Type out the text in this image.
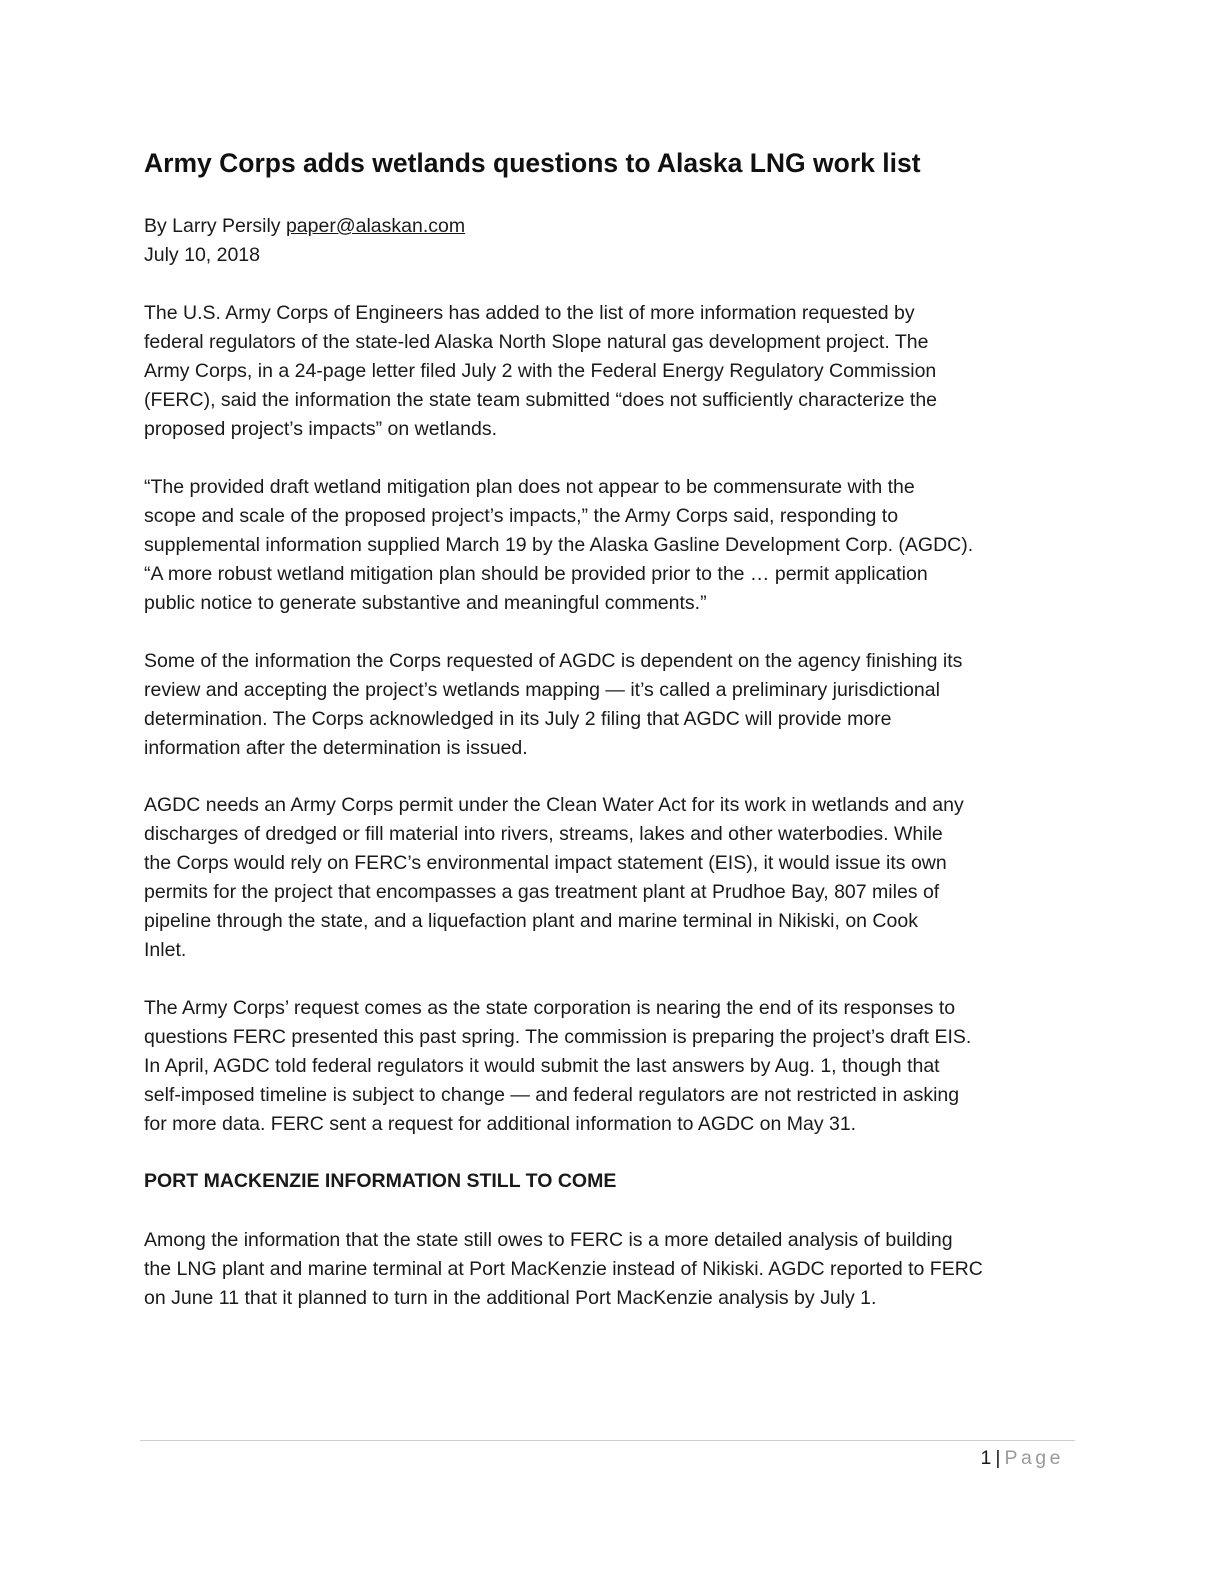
Army Corps adds wetlands questions to Alaska LNG work list
By Larry Persily paper@alaskan.com
July 10, 2018

The U.S. Army Corps of Engineers has added to the list of more information requested by
federal regulators of the state-led Alaska North Slope natural gas development project. The
Army Corps, in a 24-page letter filed July 2 with the Federal Energy Regulatory Commission
(FERC), said the information the state team submitted “does not sufficiently characterize the
proposed project’s impacts” on wetlands.

“The provided draft wetland mitigation plan does not appear to be commensurate with the
scope and scale of the proposed project’s impacts,” the Army Corps said, responding to
supplemental information supplied March 19 by the Alaska Gasline Development Corp. (AGDC).
“A more robust wetland mitigation plan should be provided prior to the … permit application
public notice to generate substantive and meaningful comments.”

Some of the information the Corps requested of AGDC is dependent on the agency finishing its
review and accepting the project’s wetlands mapping — it’s called a preliminary jurisdictional
determination. The Corps acknowledged in its July 2 filing that AGDC will provide more
information after the determination is issued.

AGDC needs an Army Corps permit under the Clean Water Act for its work in wetlands and any
discharges of dredged or fill material into rivers, streams, lakes and other waterbodies. While
the Corps would rely on FERC’s environmental impact statement (EIS), it would issue its own
permits for the project that encompasses a gas treatment plant at Prudhoe Bay, 807 miles of
pipeline through the state, and a liquefaction plant and marine terminal in Nikiski, on Cook
Inlet.

The Army Corps’ request comes as the state corporation is nearing the end of its responses to
questions FERC presented this past spring. The commission is preparing the project’s draft EIS.
In April, AGDC told federal regulators it would submit the last answers by Aug. 1, though that
self-imposed timeline is subject to change — and federal regulators are not restricted in asking
for more data. FERC sent a request for additional information to AGDC on May 31.

PORT MACKENZIE INFORMATION STILL TO COME

Among the information that the state still owes to FERC is a more detailed analysis of building
the LNG plant and marine terminal at Port MacKenzie instead of Nikiski. AGDC reported to FERC
on June 11 that it planned to turn in the additional Port MacKenzie analysis by July 1.

1 | Page
